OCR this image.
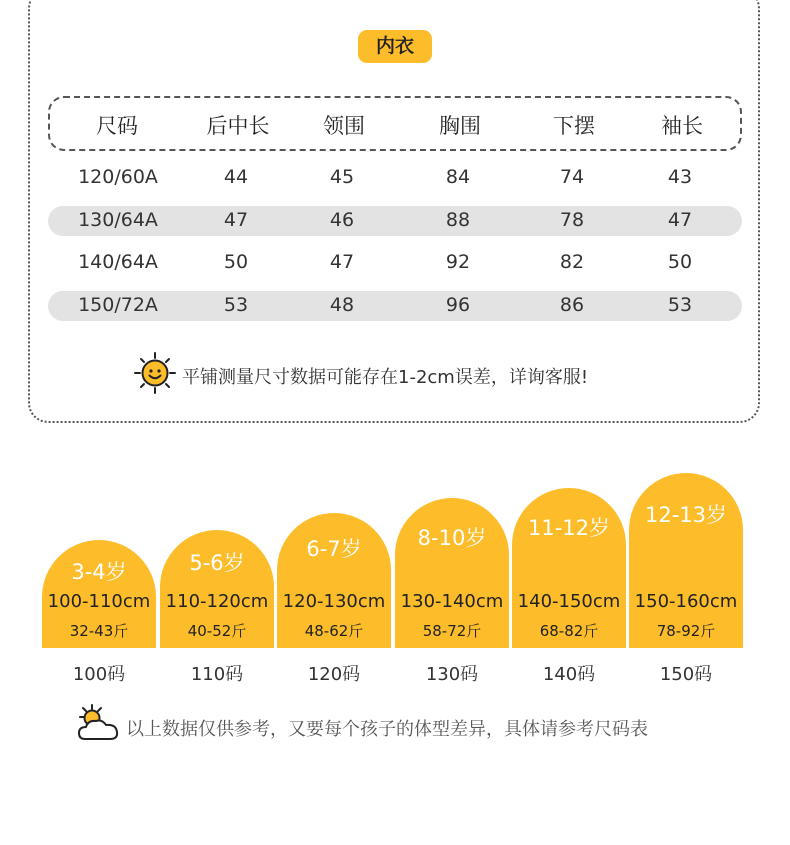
内衣
尺码	后中长	领围	胸围	下摆	袖长
120/60A	44	45	84	74	43
130/64A	47	46	88	78	47
140/64A	50	47	92	82	50
150/72A	53	48	96	86	53
平铺测量尺寸数据可能存在1-2cm误差，详询客服!
3-4岁
100-110cm
32-43斤
5-6岁
110-120cm
40-52斤
6-7岁
120-130cm
48-62斤
8-10岁
130-140cm
58-72斤
11-12岁
140-150cm
68-82斤
12-13岁
150-160cm
78-92斤
100码	110码	120码	130码	140码	150码
以上数据仅供参考，又要每个孩子的体型差异，具体请参考尺码表
